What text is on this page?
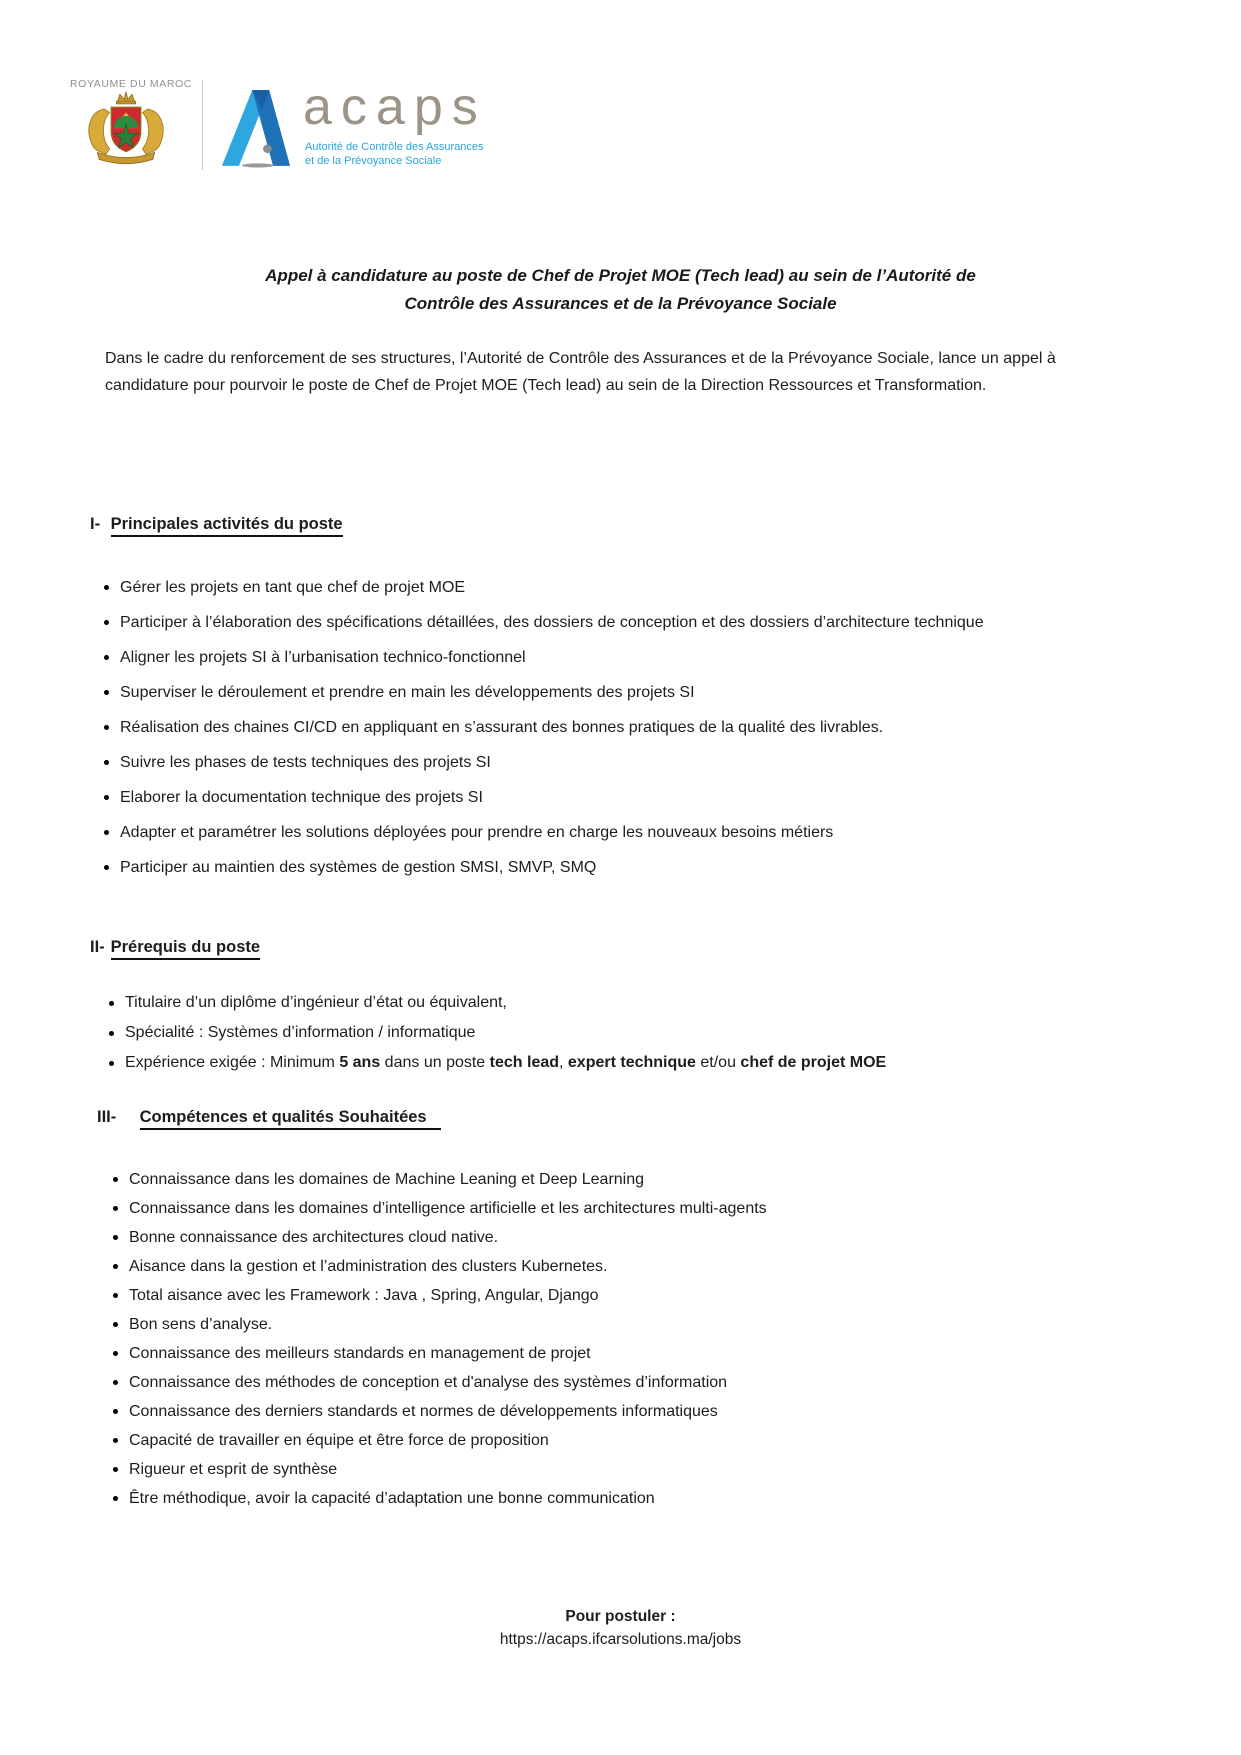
ROYAUME DU MAROC acaps
Autorité de Contrôle des Assurances
et de la Prévoyance Sociale
Appel à candidature au poste de Chef de Projet MOE (Tech lead) au sein de l’Autorité de
Contrôle des Assurances et de la Prévoyance Sociale

Dans le cadre du renforcement de ses structures, l’Autorité de Contrôle des Assurances et de la Prévoyance Sociale, lance un appel à candidature pour pourvoir le poste de Chef de Projet MOE (Tech lead) au sein de la Direction Ressources et Transformation.

I- Principales activités du poste
Gérer les projets en tant que chef de projet MOE
Participer à l’élaboration des spécifications détaillées, des dossiers de conception et des dossiers d’architecture technique
Aligner les projets SI à l’urbanisation technico-fonctionnel
Superviser le déroulement et prendre en main les développements des projets SI
Réalisation des chaines CI/CD en appliquant en s’assurant des bonnes pratiques de la qualité des livrables.
Suivre les phases de tests techniques des projets SI
Elaborer la documentation technique des projets SI
Adapter et paramétrer les solutions déployées pour prendre en charge les nouveaux besoins métiers
Participer au maintien des systèmes de gestion SMSI, SMVP, SMQ
II- Prérequis du poste
Titulaire d’un diplôme d’ingénieur d’état ou équivalent,
Spécialité : Systèmes d’information / informatique
Expérience exigée : Minimum 5 ans dans un poste tech lead, expert technique et/ou chef de projet MOE
III- Compétences et qualités Souhaitées
Connaissance dans les domaines de Machine Leaning et Deep Learning
Connaissance dans les domaines d’intelligence artificielle et les architectures multi-agents
Bonne connaissance des architectures cloud native.
Aisance dans la gestion et l’administration des clusters Kubernetes.
Total aisance avec les Framework : Java , Spring, Angular, Django
Bon sens d’analyse.
Connaissance des meilleurs standards en management de projet
Connaissance des méthodes de conception et d'analyse des systèmes d’information
Connaissance des derniers standards et normes de développements informatiques
Capacité de travailler en équipe et être force de proposition
Rigueur et esprit de synthèse
Être méthodique, avoir la capacité d’adaptation une bonne communication
Pour postuler :
https://acaps.ifcarsolutions.ma/jobs
